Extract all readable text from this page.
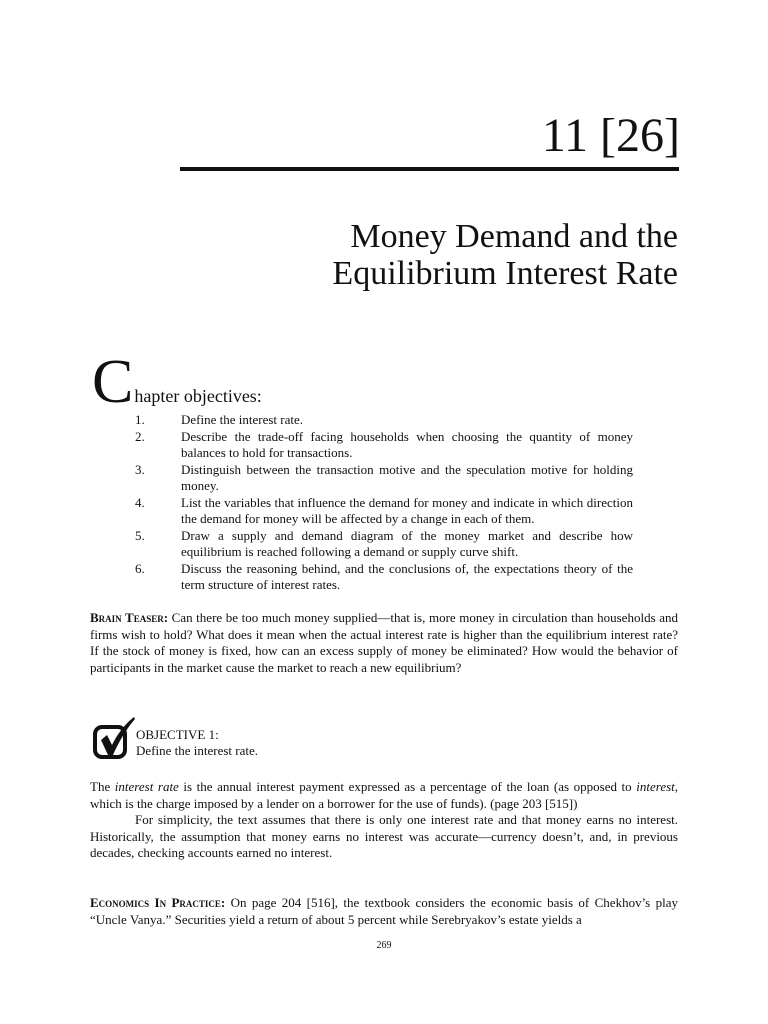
11 [26]
Money Demand and the
Equilibrium Interest Rate
C hapter objectives:
1.	Define the interest rate.
2.	Describe the trade-off facing households when choosing the quantity of money balances to hold for transactions.
3.	Distinguish between the transaction motive and the speculation motive for holding money.
4.	List the variables that influence the demand for money and indicate in which direction the demand for money will be affected by a change in each of them.
5.	Draw a supply and demand diagram of the money market and describe how equilibrium is reached following a demand or supply curve shift.
6.	Discuss the reasoning behind, and the conclusions of, the expectations theory of the term structure of interest rates.

Brain Teaser: Can there be too much money supplied—that is, more money in circulation than households and firms wish to hold? What does it mean when the actual interest rate is higher than the equilibrium interest rate? If the stock of money is fixed, how can an excess supply of money be eliminated? How would the behavior of participants in the market cause the market to reach a new equilibrium?

OBJECTIVE 1:
Define the interest rate.

The interest rate is the annual interest payment expressed as a percentage of the loan (as opposed to interest, which is the charge imposed by a lender on a borrower for the use of funds). (page 203 [515])

For simplicity, the text assumes that there is only one interest rate and that money earns no interest. Historically, the assumption that money earns no interest was accurate—currency doesn’t, and, in previous decades, checking accounts earned no interest.

Economics In Practice: On page 204 [516], the textbook considers the economic basis of Chekhov’s play “Uncle Vanya.” Securities yield a return of about 5 percent while Serebryakov’s estate yields a

269
